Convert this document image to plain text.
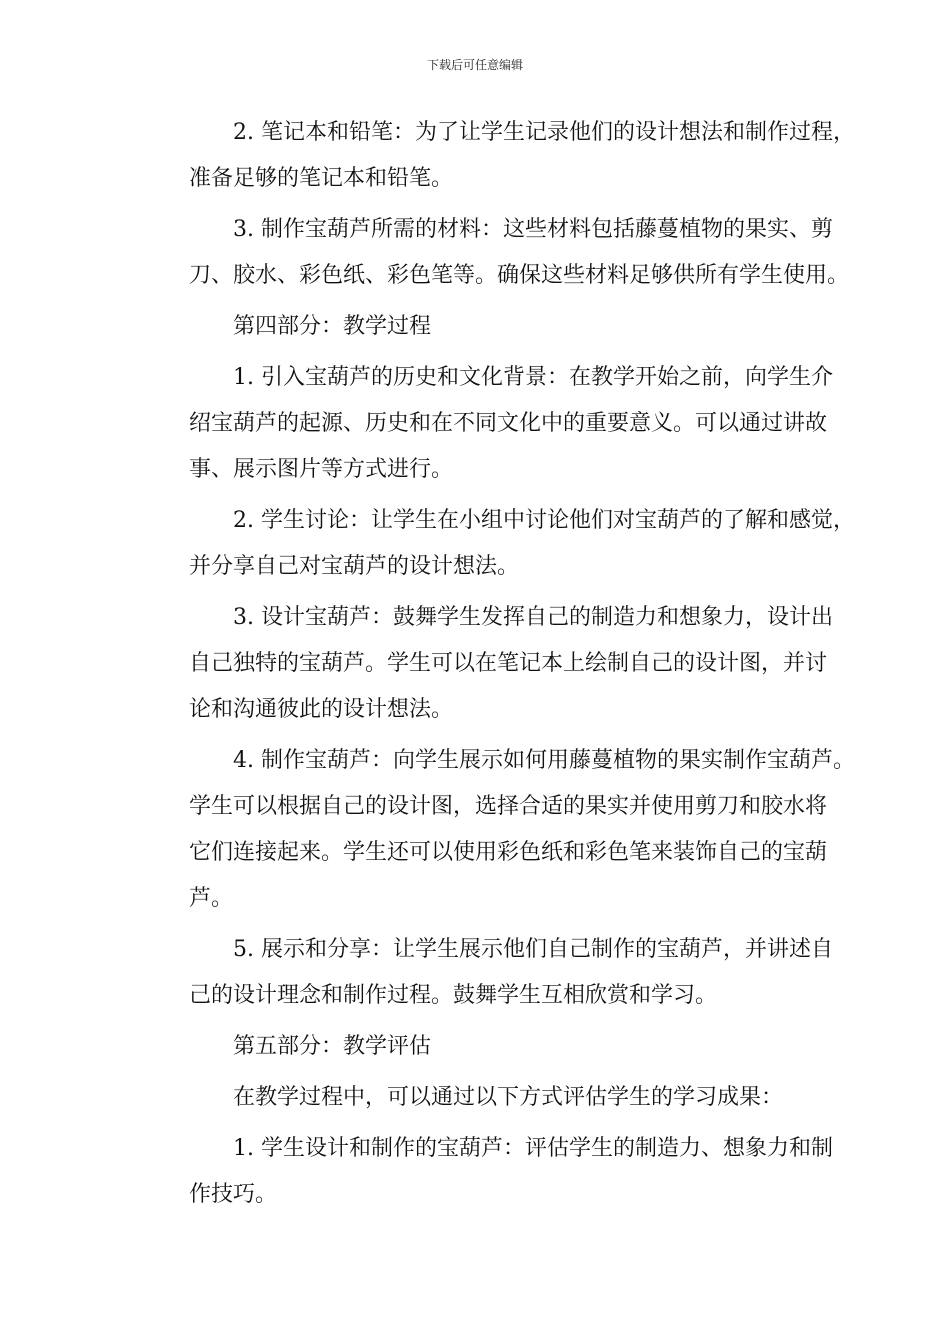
下载后可任意编辑
2. 笔记本和铅笔：为了让学生记录他们的设计想法和制作过程，
准备足够的笔记本和铅笔。
3. 制作宝葫芦所需的材料：这些材料包括藤蔓植物的果实、剪
刀、胶水、彩色纸、彩色笔等。确保这些材料足够供所有学生使用。
第四部分：教学过程
1. 引入宝葫芦的历史和文化背景：在教学开始之前，向学生介
绍宝葫芦的起源、历史和在不同文化中的重要意义。可以通过讲故
事、展示图片等方式进行。
2. 学生讨论：让学生在小组中讨论他们对宝葫芦的了解和感觉，
并分享自己对宝葫芦的设计想法。
3. 设计宝葫芦：鼓舞学生发挥自己的制造力和想象力，设计出
自己独特的宝葫芦。学生可以在笔记本上绘制自己的设计图，并讨
论和沟通彼此的设计想法。
4. 制作宝葫芦：向学生展示如何用藤蔓植物的果实制作宝葫芦。
学生可以根据自己的设计图，选择合适的果实并使用剪刀和胶水将
它们连接起来。学生还可以使用彩色纸和彩色笔来装饰自己的宝葫
芦。
5. 展示和分享：让学生展示他们自己制作的宝葫芦，并讲述自
己的设计理念和制作过程。鼓舞学生互相欣赏和学习。
第五部分：教学评估
在教学过程中，可以通过以下方式评估学生的学习成果：
1. 学生设计和制作的宝葫芦：评估学生的制造力、想象力和制
作技巧。
